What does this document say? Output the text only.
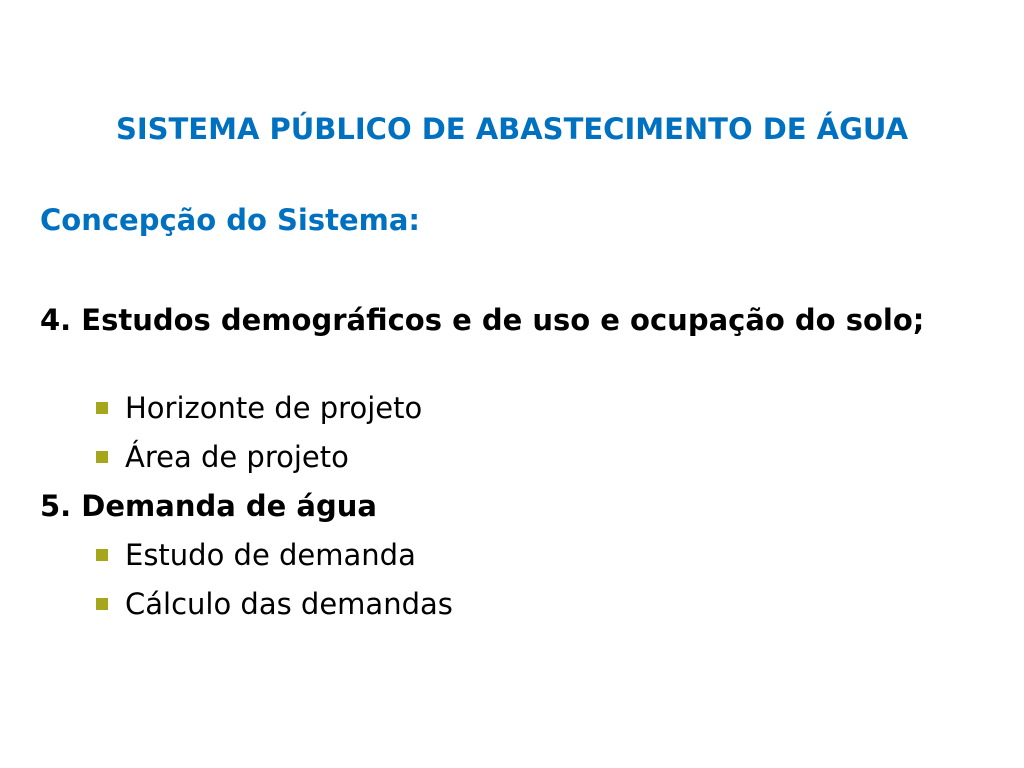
SISTEMA PÚBLICO DE ABASTECIMENTO DE ÁGUA
Concepção do Sistema:

4. Estudos demográficos e de uso e ocupação do solo;

Horizonte de projeto
Área de projeto

5. Demanda de água

Estudo de demanda
Cálculo das demandas
